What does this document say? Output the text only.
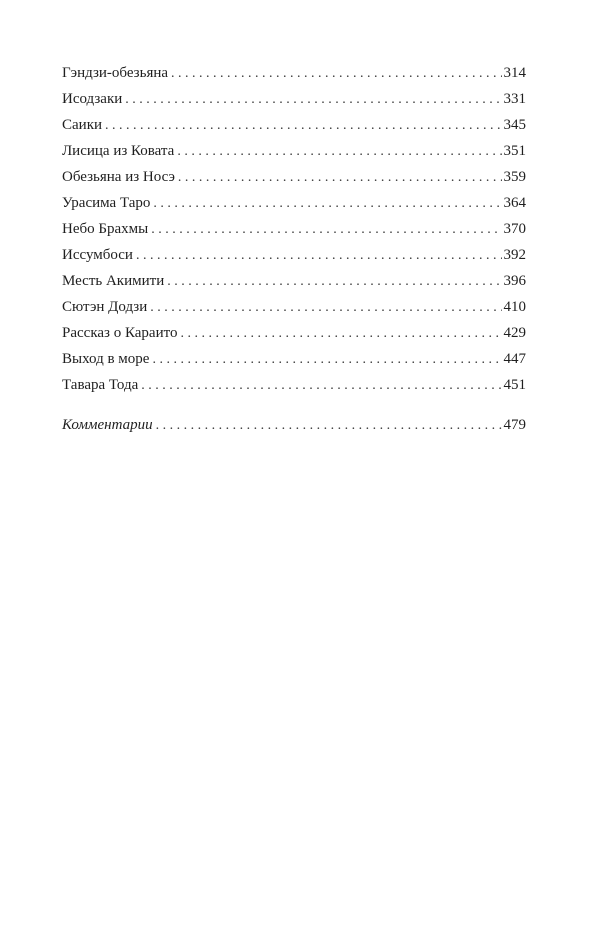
Гэндзи-обезьяна . . .	314
Исодзаки . . .	331
Саики . . .	345
Лисица из Ковата . . .	351
Обезьяна из Носэ . . .	359
Урасима Таро . . .	364
Небо Брахмы . . .	370
Иссумбоси . . .	392
Месть Акимити . . .	396
Сютэн Додзи . . .	410
Рассказ о Караито . . .	429
Выход в море . . .	447
Тавара Тода . . .	451
Комментарии . . .	479
